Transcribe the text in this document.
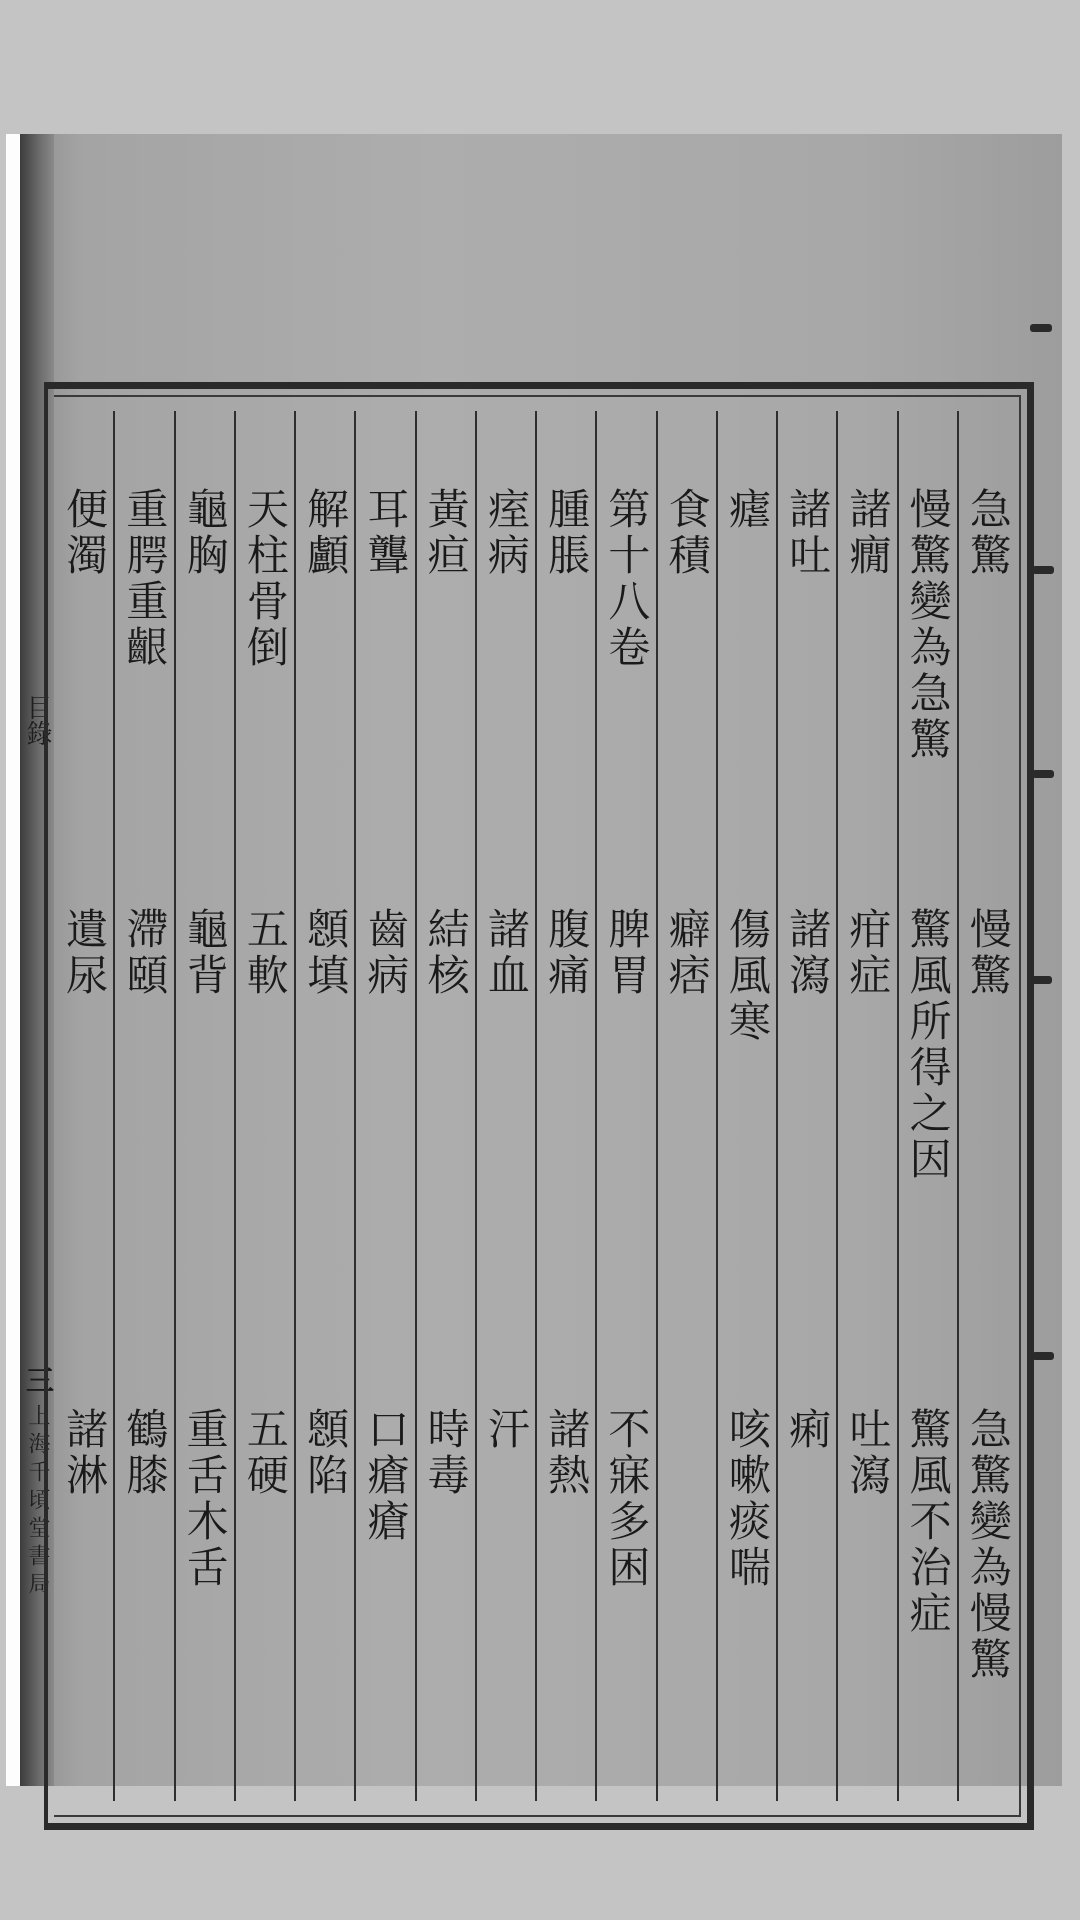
目錄
三
上海千頃堂書局
急驚
慢驚
急驚變為慢驚
慢驚變為急驚
驚風所得之因
驚風不治症
諸癇
疳症
吐瀉
諸吐
諸瀉
痢
瘧
傷風寒
咳嗽痰喘
食積
癖痞
第十八卷
脾胃
不寐多困
腫脹
腹痛
諸熱
痓病
諸血
汗
黃疸
結核
時毒
耳聾
齒病
口瘡瘡
解顱
顖填
顖陷
天柱骨倒
五軟
五硬
龜胸
龜背
重舌木舌
重腭重齦
滯頤
鶴膝
便濁
遺尿
諸淋
